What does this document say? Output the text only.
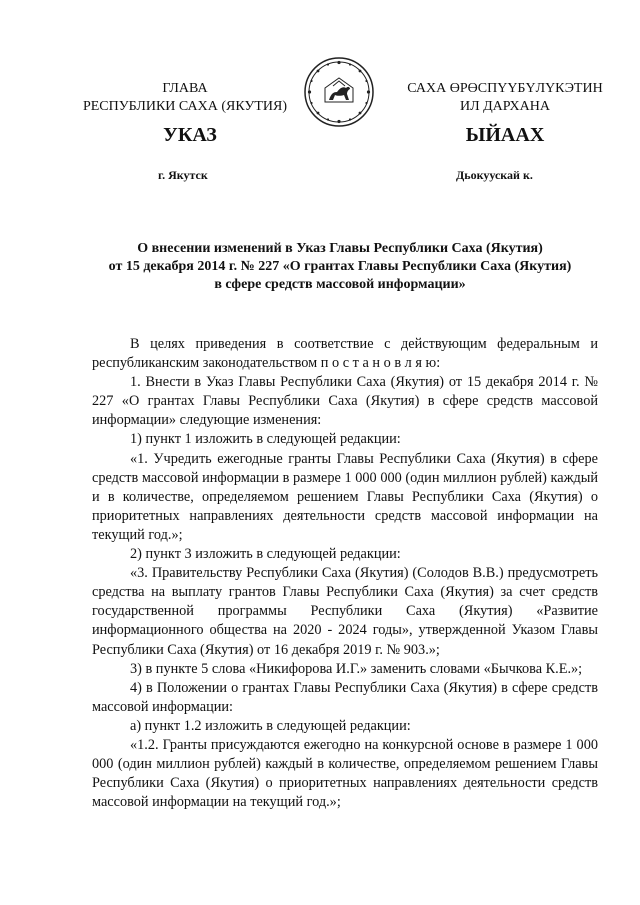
ГЛАВА
РЕСПУБЛИКИ САХА (ЯКУТИЯ)
САХА ӨРӨСПҮҮБҮЛҮКЭТИН
ИЛ ДАРХАНА
УКАЗ	ЫЙААХ
г. Якутск	Дьокуускай к.
О внесении изменений в Указ Главы Республики Саха (Якутия)
от 15 декабря 2014 г. № 227 «О грантах Главы Республики Саха (Якутия)
в сфере средств массовой информации»

В целях приведения в соответствие с действующим федеральным и республиканским законодательством п о с т а н о в л я ю:

1. Внести в Указ Главы Республики Саха (Якутия) от 15 декабря 2014 г. № 227 «О грантах Главы Республики Саха (Якутия) в сфере средств массовой информации» следующие изменения:

1) пункт 1 изложить в следующей редакции:

«1. Учредить ежегодные гранты Главы Республики Саха (Якутия) в сфере средств массовой информации в размере 1 000 000 (один миллион рублей) каждый и в количестве, определяемом решением Главы Республики Саха (Якутия) о приоритетных направлениях деятельности средств массовой информации на текущий год.»;

2) пункт 3 изложить в следующей редакции:

«3. Правительству Республики Саха (Якутия) (Солодов В.В.) предусмотреть средства на выплату грантов Главы Республики Саха (Якутия) за счет средств государственной программы Республики Саха (Якутия) «Развитие информационного общества на 2020 - 2024 годы», утвержденной Указом Главы Республики Саха (Якутия) от 16 декабря 2019 г. № 903.»;

3) в пункте 5 слова «Никифорова И.Г.» заменить словами «Бычкова К.Е.»;

4) в Положении о грантах Главы Республики Саха (Якутия) в сфере средств массовой информации:

а) пункт 1.2 изложить в следующей редакции:

«1.2. Гранты присуждаются ежегодно на конкурсной основе в размере 1 000 000 (один миллион рублей) каждый в количестве, определяемом решением Главы Республики Саха (Якутия) о приоритетных направлениях деятельности средств массовой информации на текущий год.»;
